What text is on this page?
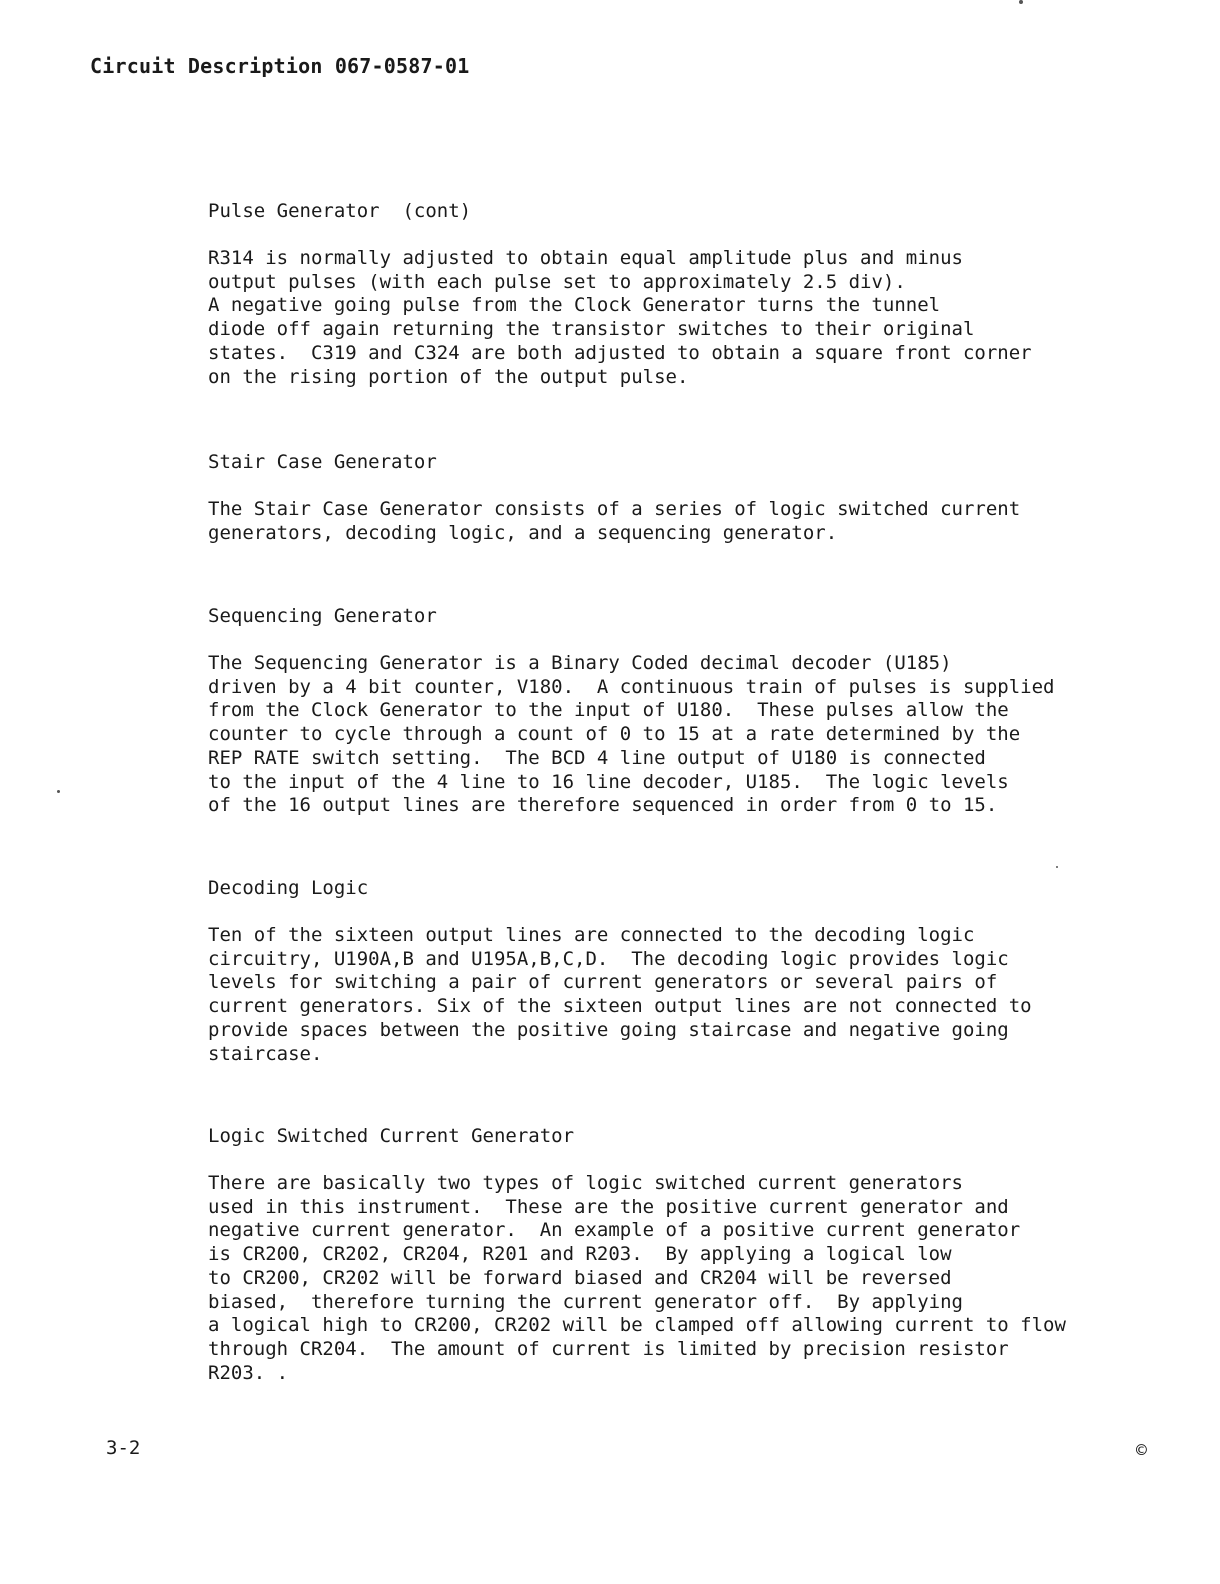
Circuit Description 067-0587-01
Pulse Generator  (cont)
R314 is normally adjusted to obtain equal amplitude plus and minus
output pulses (with each pulse set to approximately 2.5 div).
A negative going pulse from the Clock Generator turns the tunnel
diode off again returning the transistor switches to their original
states.  C319 and C324 are both adjusted to obtain a square front corner
on the rising portion of the output pulse.
Stair Case Generator
The Stair Case Generator consists of a series of logic switched current
generators, decoding logic, and a sequencing generator.
Sequencing Generator
The Sequencing Generator is a Binary Coded decimal decoder (U185)
driven by a 4 bit counter, V180.  A continuous train of pulses is supplied
from the Clock Generator to the input of U180.  These pulses allow the
counter to cycle through a count of 0 to 15 at a rate determined by the
REP RATE switch setting.  The BCD 4 line output of U180 is connected
to the input of the 4 line to 16 line decoder, U185.  The logic levels
of the 16 output lines are therefore sequenced in order from 0 to 15.
Decoding Logic
Ten of the sixteen output lines are connected to the decoding logic
circuitry, U190A,B and U195A,B,C,D.  The decoding logic provides logic
levels for switching a pair of current generators or several pairs of
current generators. Six of the sixteen output lines are not connected to
provide spaces between the positive going staircase and negative going
staircase.
Logic Switched Current Generator
There are basically two types of logic switched current generators
used in this instrument.  These are the positive current generator and
negative current generator.  An example of a positive current generator
is CR200, CR202, CR204, R201 and R203.  By applying a logical low
to CR200, CR202 will be forward biased and CR204 will be reversed
biased,  therefore turning the current generator off.  By applying
a logical high to CR200, CR202 will be clamped off allowing current to flow
through CR204.  The amount of current is limited by precision resistor
R203. .
3-2	©
